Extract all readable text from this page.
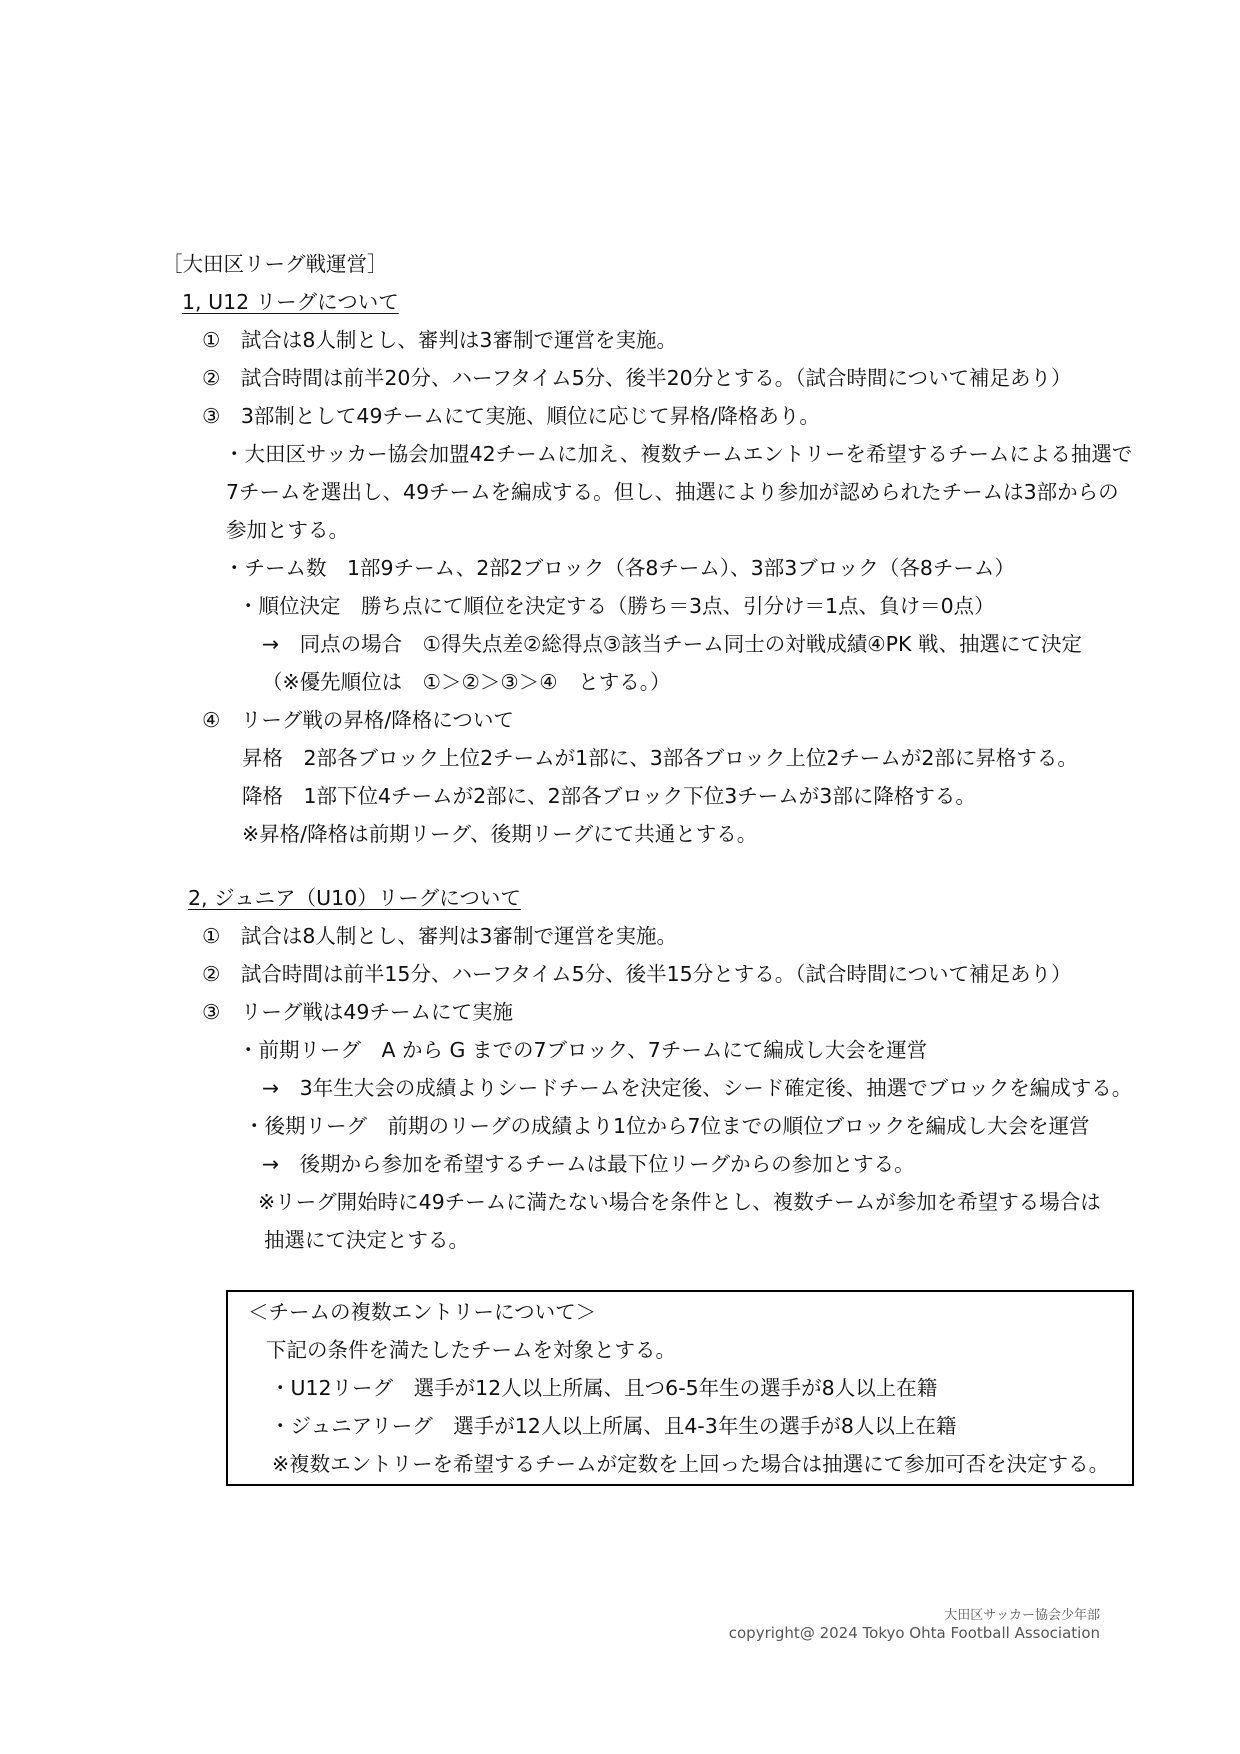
［大田区リーグ戦運営］
1, U12 リーグについて
①　試合は8人制とし、審判は3審制で運営を実施。
②　試合時間は前半20分、ハーフタイム5分、後半20分とする。（試合時間について補足あり）
③　3部制として49チームにて実施、順位に応じて昇格/降格あり。
・大田区サッカー協会加盟42チームに加え、複数チームエントリーを希望するチームによる抽選で
7チームを選出し、49チームを編成する。但し、抽選により参加が認められたチームは3部からの
参加とする。
・チーム数　1部9チーム、2部2ブロック（各8チーム）、3部3ブロック（各8チーム）
・順位決定　勝ち点にて順位を決定する（勝ち＝3点、引分け＝1点、負け＝0点）
→　同点の場合　①得失点差②総得点③該当チーム同士の対戦成績④PK 戦、抽選にて決定
（※優先順位は　①＞②＞③＞④　とする。）
④　リーグ戦の昇格/降格について
昇格　2部各ブロック上位2チームが1部に、3部各ブロック上位2チームが2部に昇格する。
降格　1部下位4チームが2部に、2部各ブロック下位3チームが3部に降格する。
※昇格/降格は前期リーグ、後期リーグにて共通とする。
2, ジュニア（U10）リーグについて
①　試合は8人制とし、審判は3審制で運営を実施。
②　試合時間は前半15分、ハーフタイム5分、後半15分とする。（試合時間について補足あり）
③　リーグ戦は49チームにて実施
・前期リーグ　A から G までの7ブロック、7チームにて編成し大会を運営
→　3年生大会の成績よりシードチームを決定後、シード確定後、抽選でブロックを編成する。
・後期リーグ　前期のリーグの成績より1位から7位までの順位ブロックを編成し大会を運営
→　後期から参加を希望するチームは最下位リーグからの参加とする。
※リーグ開始時に49チームに満たない場合を条件とし、複数チームが参加を希望する場合は
抽選にて決定とする。
＜チームの複数エントリーについて＞
下記の条件を満たしたチームを対象とする。
・U12リーグ　選手が12人以上所属、且つ6-5年生の選手が8人以上在籍
・ジュニアリーグ　選手が12人以上所属、且4-3年生の選手が8人以上在籍
※複数エントリーを希望するチームが定数を上回った場合は抽選にて参加可否を決定する。
大田区サッカー協会少年部
copyright@ 2024 Tokyo Ohta Football Association
